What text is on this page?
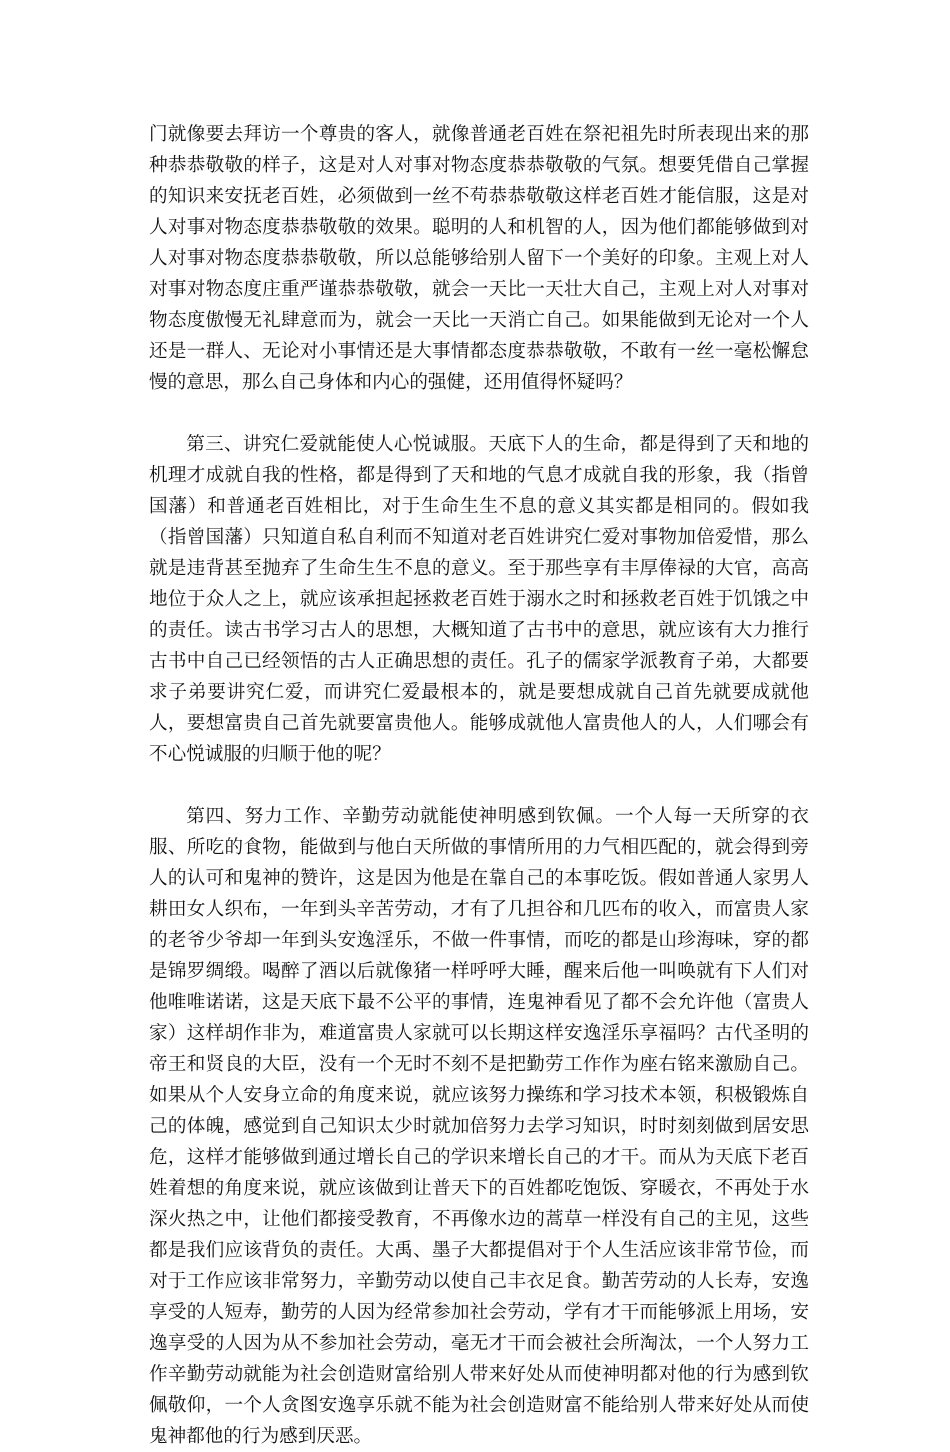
门就像要去拜访一个尊贵的客人，就像普通老百姓在祭祀祖先时所表现出来的那种恭恭敬敬的样子，这是对人对事对物态度恭恭敬敬的气氛。想要凭借自己掌握的知识来安抚老百姓，必须做到一丝不苟恭恭敬敬这样老百姓才能信服，这是对人对事对物态度恭恭敬敬的效果。聪明的人和机智的人，因为他们都能够做到对人对事对物态度恭恭敬敬，所以总能够给别人留下一个美好的印象。主观上对人对事对物态度庄重严谨恭恭敬敬，就会一天比一天壮大自己，主观上对人对事对物态度傲慢无礼肆意而为，就会一天比一天消亡自己。如果能做到无论对一个人还是一群人、无论对小事情还是大事情都态度恭恭敬敬，不敢有一丝一毫松懈怠慢的意思，那么自己身体和内心的强健，还用值得怀疑吗？

第三、讲究仁爱就能使人心悦诚服。天底下人的生命，都是得到了天和地的机理才成就自我的性格，都是得到了天和地的气息才成就自我的形象，我（指曾国藩）和普通老百姓相比，对于生命生生不息的意义其实都是相同的。假如我（指曾国藩）只知道自私自利而不知道对老百姓讲究仁爱对事物加倍爱惜，那么就是违背甚至抛弃了生命生生不息的意义。至于那些享有丰厚俸禄的大官，高高地位于众人之上，就应该承担起拯救老百姓于溺水之时和拯救老百姓于饥饿之中的责任。读古书学习古人的思想，大概知道了古书中的意思，就应该有大力推行古书中自己已经领悟的古人正确思想的责任。孔子的儒家学派教育子弟，大都要求子弟要讲究仁爱，而讲究仁爱最根本的，就是要想成就自己首先就要成就他人，要想富贵自己首先就要富贵他人。能够成就他人富贵他人的人，人们哪会有不心悦诚服的归顺于他的呢？

第四、努力工作、辛勤劳动就能使神明感到钦佩。一个人每一天所穿的衣服、所吃的食物，能做到与他白天所做的事情所用的力气相匹配的，就会得到旁人的认可和鬼神的赞许，这是因为他是在靠自己的本事吃饭。假如普通人家男人耕田女人织布，一年到头辛苦劳动，才有了几担谷和几匹布的收入，而富贵人家的老爷少爷却一年到头安逸淫乐，不做一件事情，而吃的都是山珍海味，穿的都是锦罗绸缎。喝醉了酒以后就像猪一样呼呼大睡，醒来后他一叫唤就有下人们对他唯唯诺诺，这是天底下最不公平的事情，连鬼神看见了都不会允许他（富贵人家）这样胡作非为，难道富贵人家就可以长期这样安逸淫乐享福吗？古代圣明的帝王和贤良的大臣，没有一个无时不刻不是把勤劳工作作为座右铭来激励自己。如果从个人安身立命的角度来说，就应该努力操练和学习技术本领，积极锻炼自己的体魄，感觉到自己知识太少时就加倍努力去学习知识，时时刻刻做到居安思危，这样才能够做到通过增长自己的学识来增长自己的才干。而从为天底下老百姓着想的角度来说，就应该做到让普天下的百姓都吃饱饭、穿暖衣，不再处于水深火热之中，让他们都接受教育，不再像水边的蒿草一样没有自己的主见，这些都是我们应该背负的责任。大禹、墨子大都提倡对于个人生活应该非常节俭，而对于工作应该非常努力，辛勤劳动以使自己丰衣足食。勤苦劳动的人长寿，安逸享受的人短寿，勤劳的人因为经常参加社会劳动，学有才干而能够派上用场，安逸享受的人因为从不参加社会劳动，毫无才干而会被社会所淘汰，一个人努力工作辛勤劳动就能为社会创造财富给别人带来好处从而使神明都对他的行为感到钦佩敬仰，一个人贪图安逸享乐就不能为社会创造财富不能给别人带来好处从而使鬼神都他的行为感到厌恶。
